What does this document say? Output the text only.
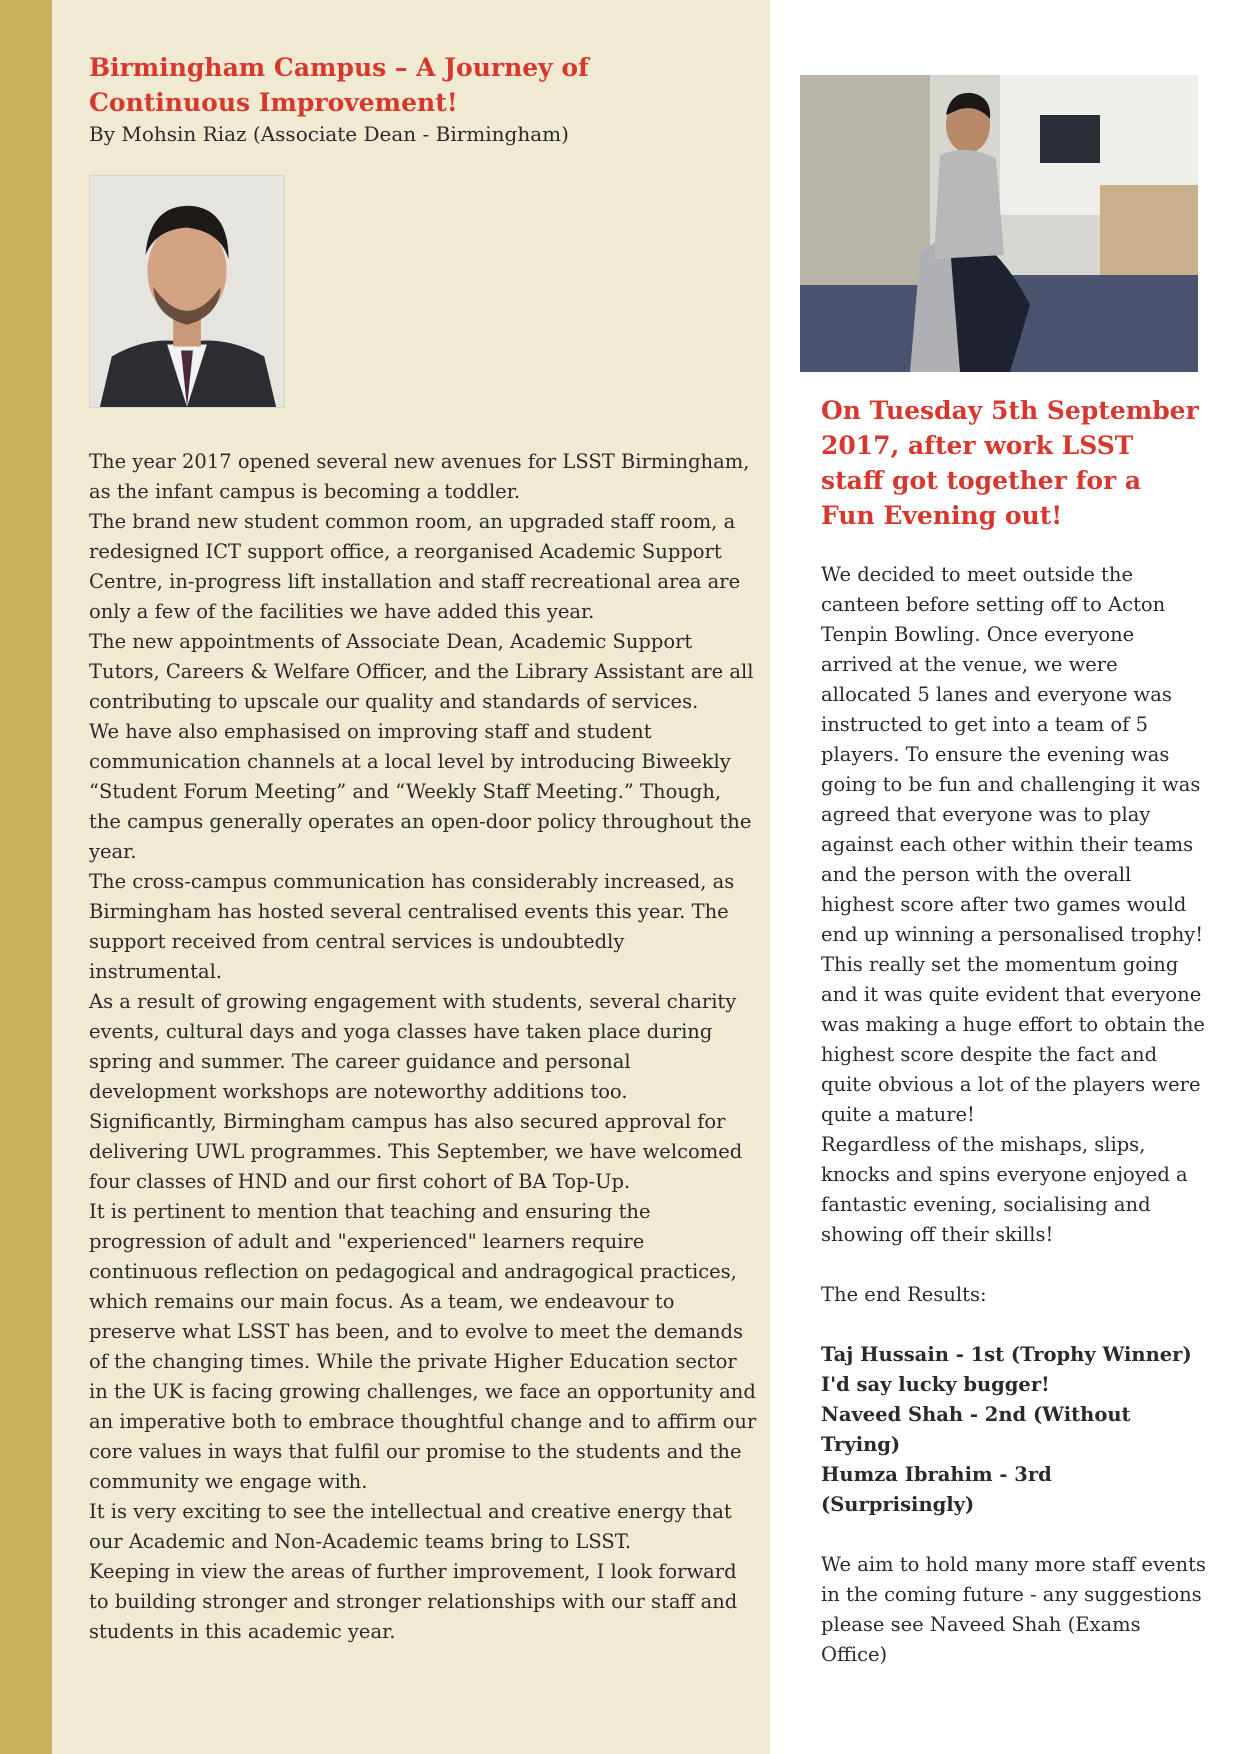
Birmingham Campus – A Journey of Continuous Improvement!
By Mohsin Riaz (Associate Dean - Birmingham)

The year 2017 opened several new avenues for LSST Birmingham, as the infant campus is becoming a toddler.

The brand new student common room, an upgraded staff room, a redesigned ICT support office, a reorganised Academic Support Centre, in-progress lift installation and staff recreational area are only a few of the facilities we have added this year.

The new appointments of Associate Dean, Academic Support Tutors, Careers & Welfare Officer, and the Library Assistant are all contributing to upscale our quality and standards of services.

We have also emphasised on improving staff and student communication channels at a local level by introducing Biweekly “Student Forum Meeting” and “Weekly Staff Meeting.” Though, the campus generally operates an open-door policy throughout the year.

The cross-campus communication has considerably increased, as Birmingham has hosted several centralised events this year. The support received from central services is undoubtedly instrumental.

As a result of growing engagement with students, several charity events, cultural days and yoga classes have taken place during spring and summer. The career guidance and personal development workshops are noteworthy additions too.

Significantly, Birmingham campus has also secured approval for delivering UWL programmes. This September, we have welcomed four classes of HND and our first cohort of BA Top-Up.

It is pertinent to mention that teaching and ensuring the progression of adult and "experienced" learners require continuous reflection on pedagogical and andragogical practices, which remains our main focus. As a team, we endeavour to preserve what LSST has been, and to evolve to meet the demands of the changing times. While the private Higher Education sector in the UK is facing growing challenges, we face an opportunity and an imperative both to embrace thoughtful change and to affirm our core values in ways that fulfil our promise to the students and the community we engage with.

It is very exciting to see the intellectual and creative energy that our Academic and Non-Academic teams bring to LSST.

Keeping in view the areas of further improvement, I look forward to building stronger and stronger relationships with our staff and students in this academic year.

On Tuesday 5th September 2017, after work LSST staff got together for a Fun Evening out!

We decided to meet outside the canteen before setting off to Acton Tenpin Bowling. Once everyone arrived at the venue, we were allocated 5 lanes and everyone was instructed to get into a team of 5 players. To ensure the evening was going to be fun and challenging it was agreed that everyone was to play against each other within their teams and the person with the overall highest score after two games would end up winning a personalised trophy!

This really set the momentum going and it was quite evident that everyone was making a huge effort to obtain the highest score despite the fact and quite obvious a lot of the players were quite a mature!

Regardless of the mishaps, slips, knocks and spins everyone enjoyed a fantastic evening, socialising and showing off their skills!

The end Results:

Taj Hussain - 1st (Trophy Winner) I'd say lucky bugger!

Naveed Shah - 2nd (Without Trying)

Humza Ibrahim - 3rd (Surprisingly)

We aim to hold many more staff events in the coming future - any suggestions please see Naveed Shah (Exams Office)
